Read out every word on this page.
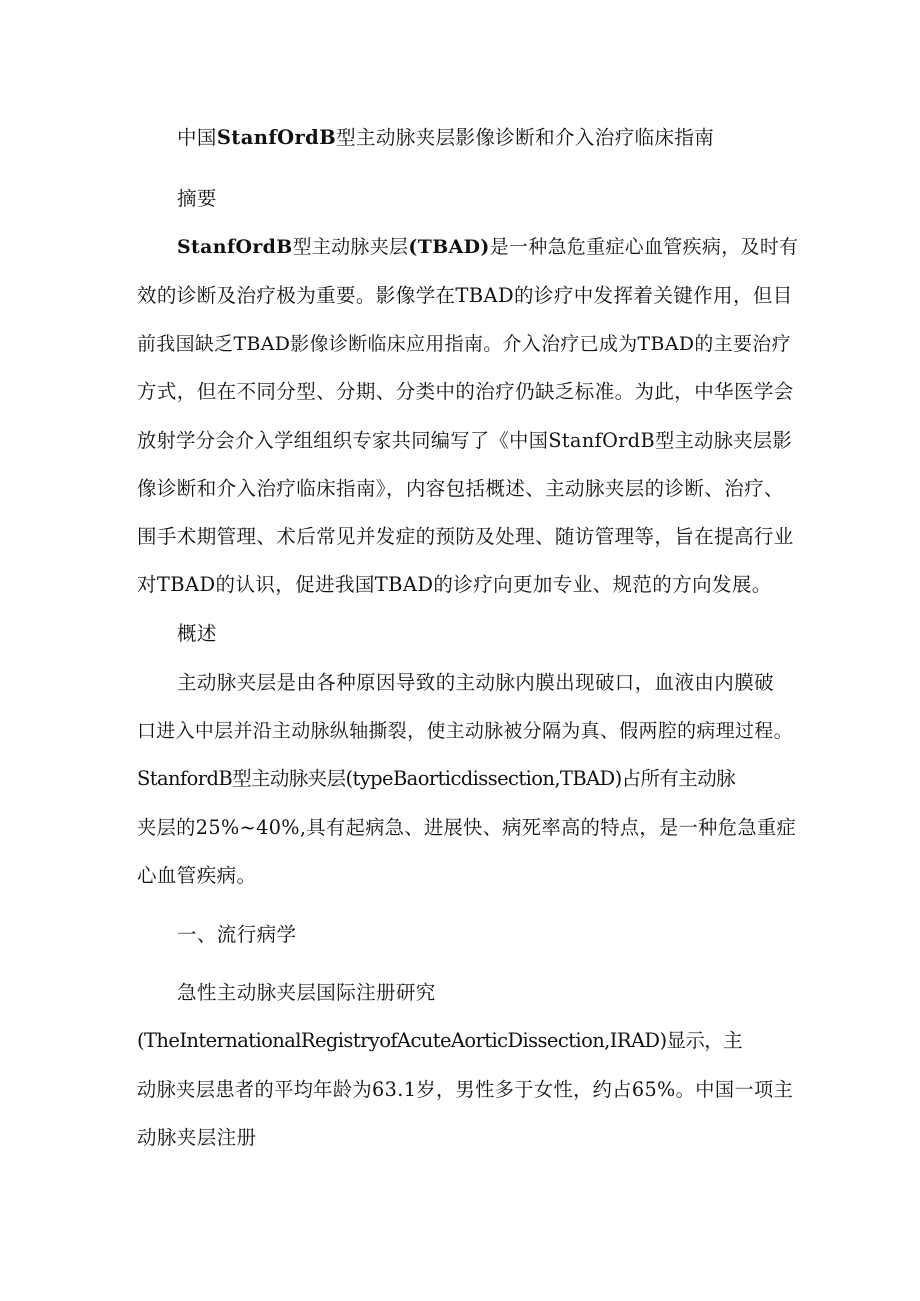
中国StanfOrdB型主动脉夹层影像诊断和介入治疗临床指南
摘要
StanfOrdB型主动脉夹层(TBAD)是一种急危重症心血管疾病，及时有
效的诊断及治疗极为重要。影像学在TBAD的诊疗中发挥着关键作用，但目
前我国缺乏TBAD影像诊断临床应用指南。介入治疗已成为TBAD的主要治疗
方式，但在不同分型、分期、分类中的治疗仍缺乏标准。为此，中华医学会
放射学分会介入学组组织专家共同编写了《中国StanfOrdB型主动脉夹层影
像诊断和介入治疗临床指南》，内容包括概述、主动脉夹层的诊断、治疗、
围手术期管理、术后常见并发症的预防及处理、随访管理等，旨在提高行业
对TBAD的认识，促进我国TBAD的诊疗向更加专业、规范的方向发展。
概述
主动脉夹层是由各种原因导致的主动脉内膜出现破口，血液由内膜破
口进入中层并沿主动脉纵轴撕裂，使主动脉被分隔为真、假两腔的病理过程。
StanfordB型主动脉夹层(typeBaorticdissection,TBAD)占所有主动脉
夹层的25%~40%,具有起病急、进展快、病死率高的特点，是一种危急重症
心血管疾病。
一、流行病学
急性主动脉夹层国际注册研究
(TheInternationalRegistryofAcuteAorticDissection,IRAD)显示，主
动脉夹层患者的平均年龄为63.1岁，男性多于女性，约占65%。中国一项主
动脉夹层注册
